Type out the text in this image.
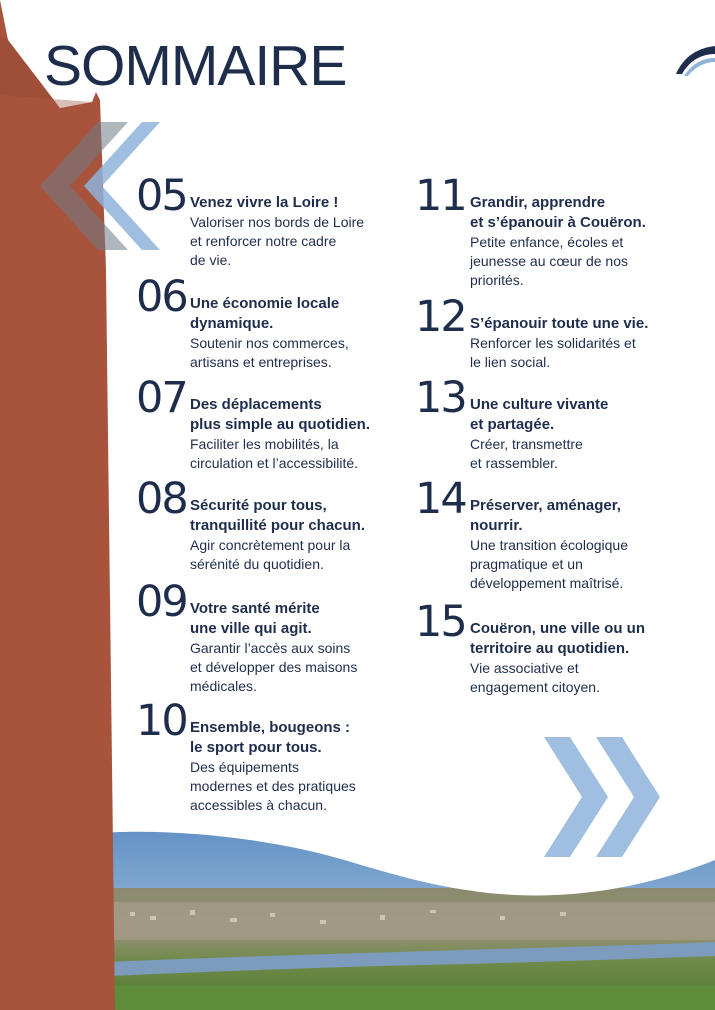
SOMMAIRE
05 Venez vivre la Loire !
Valoriser nos bords de Loire
et renforcer notre cadre
de vie.
06 Une économie locale
dynamique.
Soutenir nos commerces,
artisans et entreprises.
07 Des déplacements
plus simple au quotidien.
Faciliter les mobilités, la
circulation et l’accessibilité.
08 Sécurité pour tous,
tranquillité pour chacun.
Agir concrètement pour la
sérénité du quotidien.
09 Votre santé mérite
une ville qui agit.
Garantir l’accès aux soins
et développer des maisons
médicales.
10 Ensemble, bougeons :
le sport pour tous.
Des équipements
modernes et des pratiques
accessibles à chacun.
11 Grandir, apprendre
et s’épanouir à Couëron.
Petite enfance, écoles et
jeunesse au cœur de nos
priorités.
12 S’épanouir toute une vie.
Renforcer les solidarités et
le lien social.
13 Une culture vivante
et partagée.
Créer, transmettre
et rassembler.
14 Préserver, aménager,
nourrir.
Une transition écologique
pragmatique et un
développement maîtrisé.
15 Couëron, une ville ou un
territoire au quotidien.
Vie associative et
engagement citoyen.
